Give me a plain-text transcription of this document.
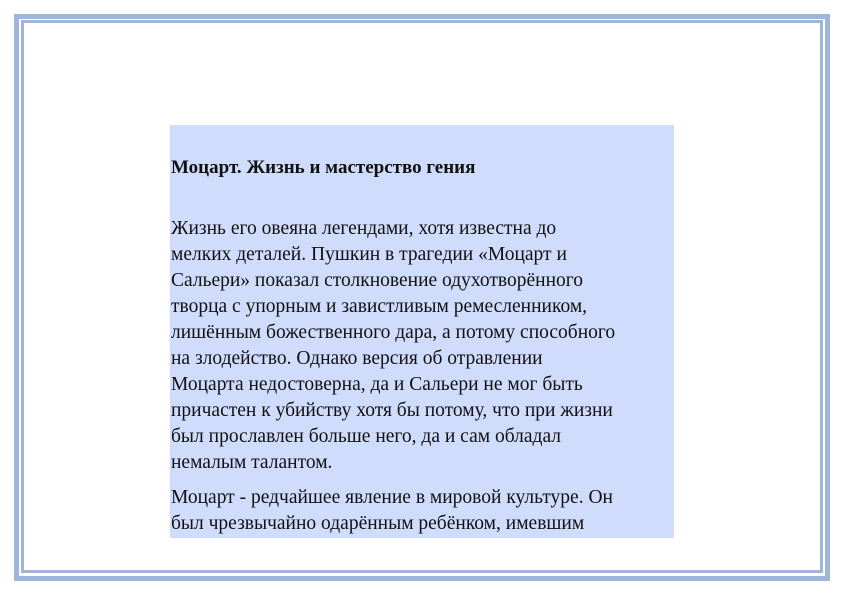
Моцарт. Жизнь и мастерство гения

Жизнь его овеяна легендами, хотя известна до
мелких деталей. Пушкин в трагедии «Моцарт и
Сальери» показал столкновение одухотворённого
творца с упорным и завистливым ремесленником,
лишённым божественного дара, а потому способного
на злодейство. Однако версия об отравлении
Моцарта недостоверна, да и Сальери не мог быть
причастен к убийству хотя бы потому, что при жизни
был прославлен больше него, да и сам обладал
немалым талантом.

Моцарт - редчайшее явление в мировой культуре. Он
был чрезвычайно одарённым ребёнком, имевшим
